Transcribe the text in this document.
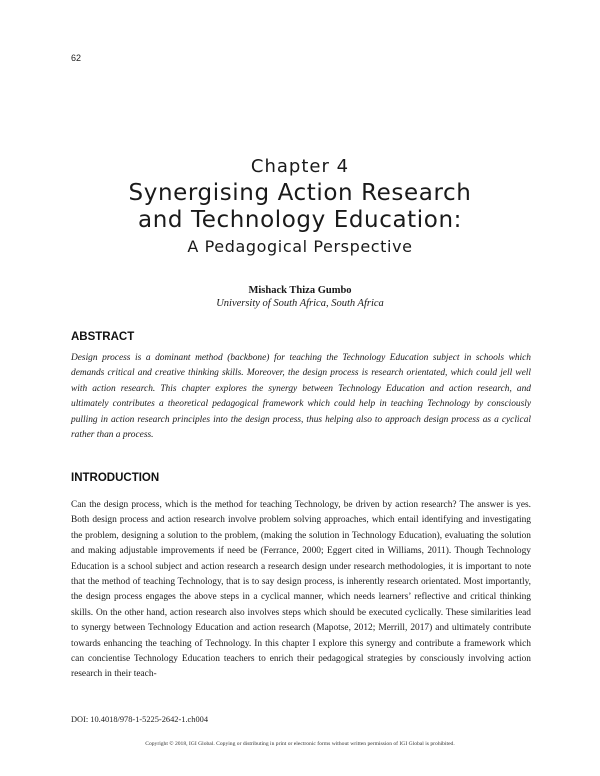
62
Chapter 4
Synergising Action Research
and Technology Education:
A Pedagogical Perspective
Mishack Thiza Gumbo
University of South Africa, South Africa
ABSTRACT
Design process is a dominant method (backbone) for teaching the Technology Education subject in schools which demands critical and creative thinking skills. Moreover, the design process is research orientated, which could jell well with action research. This chapter explores the synergy between Technology Education and action research, and ultimately contributes a theoretical pedagogical framework which could help in teaching Technology by consciously pulling in action research principles into the design process, thus helping also to approach design process as a cyclical rather than a process.
INTRODUCTION
Can the design process, which is the method for teaching Technology, be driven by action research? The answer is yes. Both design process and action research involve problem solving approaches, which entail identifying and investigating the problem, designing a solution to the problem, (making the solution in Technology Education), evaluating the solution and making adjustable improvements if need be (Ferrance, 2000; Eggert cited in Williams, 2011). Though Technology Education is a school subject and action research a research design under research methodologies, it is important to note that the method of teaching Technology, that is to say design process, is inherently research orientated. Most importantly, the design process engages the above steps in a cyclical manner, which needs learners’ reflective and critical thinking skills. On the other hand, action research also involves steps which should be executed cyclically. These similarities lead to synergy between Technology Education and action research (Mapotse, 2012; Merrill, 2017) and ultimately contribute towards enhancing the teaching of Technology. In this chapter I explore this synergy and contribute a framework which can concientise Technology Education teachers to enrich their pedagogical strategies by consciously involving action research in their teach-
DOI: 10.4018/978-1-5225-2642-1.ch004
Copyright © 2018, IGI Global. Copying or distributing in print or electronic forms without written permission of IGI Global is prohibited.
